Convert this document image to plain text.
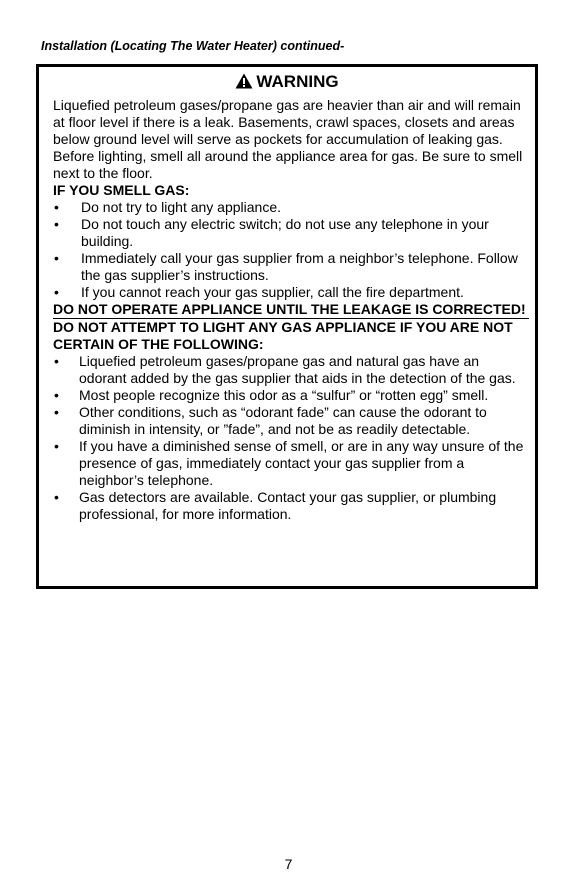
Installation (Locating The Water Heater) continued-
WARNING

Liquefied petroleum gases/propane gas are heavier than air and will remain at floor level if there is a leak. Basements, crawl spaces, closets and areas below ground level will serve as pockets for accumulation of leaking gas. Before lighting, smell all around the appliance area for gas. Be sure to smell next to the floor.

IF YOU SMELL GAS:

• Do not try to light any appliance.
• Do not touch any electric switch; do not use any telephone in your building.
• Immediately call your gas supplier from a neighbor’s telephone. Follow the gas supplier’s instructions.
• If you cannot reach your gas supplier, call the fire department.

DO NOT OPERATE APPLIANCE UNTIL THE LEAKAGE IS CORRECTED!

DO NOT ATTEMPT TO LIGHT ANY GAS APPLIANCE IF YOU ARE NOT CERTAIN OF THE FOLLOWING:

• Liquefied petroleum gases/propane gas and natural gas have an odorant added by the gas supplier that aids in the detection of the gas.
• Most people recognize this odor as a “sulfur” or “rotten egg” smell.
• Other conditions, such as “odorant fade” can cause the odorant to diminish in intensity, or ”fade”, and not be as readily detectable.
• If you have a diminished sense of smell, or are in any way unsure of the presence of gas, immediately contact your gas supplier from a neighbor’s telephone.
• Gas detectors are available. Contact your gas supplier, or plumbing professional, for more information.
7
